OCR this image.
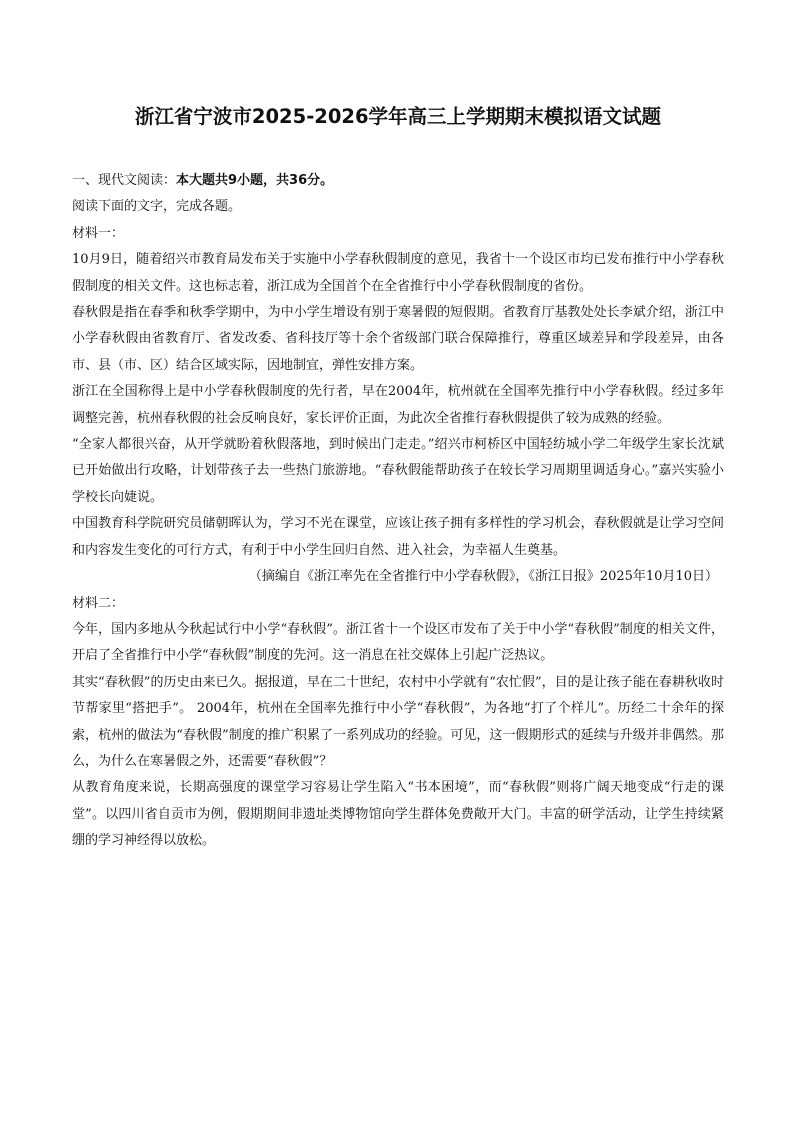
浙江省宁波市2025-2026学年高三上学期期末模拟语文试题

一、现代文阅读：本大题共9小题，共36分。

阅读下面的文字，完成各题。

材料一：

10月9日，随着绍兴市教育局发布关于实施中小学春秋假制度的意见，我省十一个设区市均已发布推行中小学春秋假制度的相关文件。这也标志着，浙江成为全国首个在全省推行中小学春秋假制度的省份。

春秋假是指在春季和秋季学期中，为中小学生增设有别于寒暑假的短假期。省教育厅基教处处长李斌介绍，浙江中小学春秋假由省教育厅、省发改委、省科技厅等十余个省级部门联合保障推行，尊重区域差异和学段差异，由各市、县（市、区）结合区域实际，因地制宜，弹性安排方案。

浙江在全国称得上是中小学春秋假制度的先行者，早在2004年，杭州就在全国率先推行中小学春秋假。经过多年调整完善，杭州春秋假的社会反响良好，家长评价正面，为此次全省推行春秋假提供了较为成熟的经验。

“全家人都很兴奋，从开学就盼着秋假落地，到时候出门走走。”绍兴市柯桥区中国轻纺城小学二年级学生家长沈斌已开始做出行攻略，计划带孩子去一些热门旅游地。“春秋假能帮助孩子在较长学习周期里调适身心。”嘉兴实验小学校长向婕说。

中国教育科学院研究员储朝晖认为，学习不光在课堂，应该让孩子拥有多样性的学习机会，春秋假就是让学习空间和内容发生变化的可行方式，有利于中小学生回归自然、进入社会，为幸福人生奠基。

（摘编自《浙江率先在全省推行中小学春秋假》，《浙江日报》2025年10月10日）

材料二：

今年，国内多地从今秋起试行中小学“春秋假”。浙江省十一个设区市发布了关于中小学“春秋假”制度的相关文件，开启了全省推行中小学“春秋假”制度的先河。这一消息在社交媒体上引起广泛热议。

其实“春秋假”的历史由来已久。据报道，早在二十世纪，农村中小学就有“农忙假”，目的是让孩子能在春耕秋收时节帮家里“搭把手”。 2004年，杭州在全国率先推行中小学“春秋假”，为各地“打了个样儿”。历经二十余年的探索，杭州的做法为“春秋假”制度的推广积累了一系列成功的经验。可见，这一假期形式的延续与升级并非偶然。那么，为什么在寒暑假之外，还需要“春秋假”？

从教育角度来说，长期高强度的课堂学习容易让学生陷入“书本困境”，而“春秋假”则将广阔天地变成“行走的课堂”。以四川省自贡市为例，假期期间非遗址类博物馆向学生群体免费敞开大门。丰富的研学活动，让学生持续紧绷的学习神经得以放松。
